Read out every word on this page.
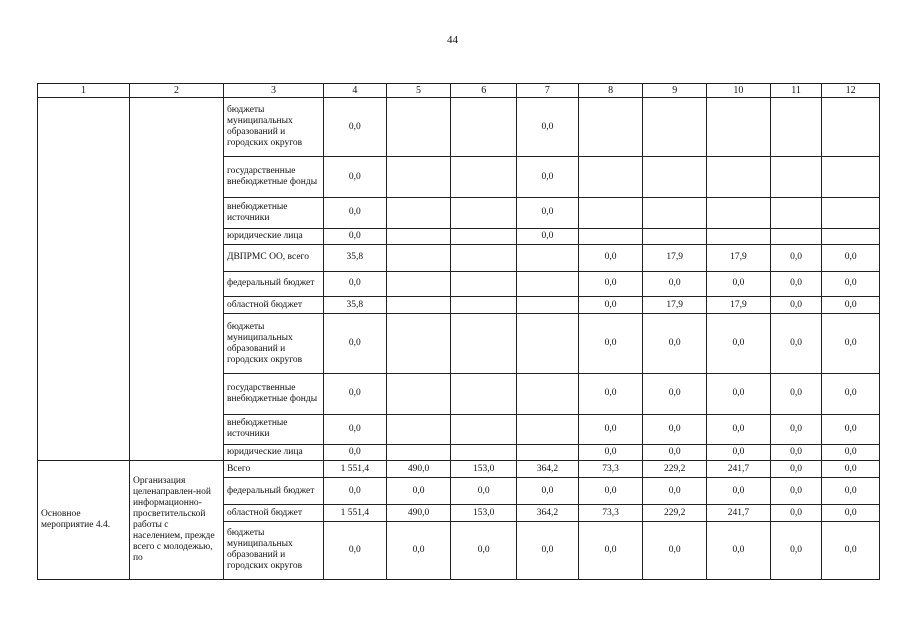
44
1	2	3	4	5	6	7	8	9	10	11	12
		бюджеты муниципальных образований и городских округов	0,0			0,0					
		государственные внебюджетные фонды	0,0			0,0					
		внебюджетные источники	0,0			0,0					
		юридические лица	0,0			0,0					
		ДВПРМС ОО, всего	35,8				0,0	17,9	17,9	0,0	0,0
		федеральный бюджет	0,0				0,0	0,0	0,0	0,0	0,0
		областной бюджет	35,8				0,0	17,9	17,9	0,0	0,0
		бюджеты муниципальных образований и городских округов	0,0				0,0	0,0	0,0	0,0	0,0
		государственные внебюджетные фонды	0,0				0,0	0,0	0,0	0,0	0,0
		внебюджетные источники	0,0				0,0	0,0	0,0	0,0	0,0
		юридические лица	0,0				0,0	0,0	0,0	0,0	0,0
Основное мероприятие 4.4.	Организация целенаправлен-ной информационно-просветительской работы с населением, прежде всего с молодежью, по	Всего	1 551,4	490,0	153,0	364,2	73,3	229,2	241,7	0,0	0,0
		федеральный бюджет	0,0	0,0	0,0	0,0	0,0	0,0	0,0	0,0	0,0
		областной бюджет	1 551,4	490,0	153,0	364,2	73,3	229,2	241,7	0,0	0,0
		бюджеты муниципальных образований и городских округов	0,0	0,0	0,0	0,0	0,0	0,0	0,0	0,0	0,0
